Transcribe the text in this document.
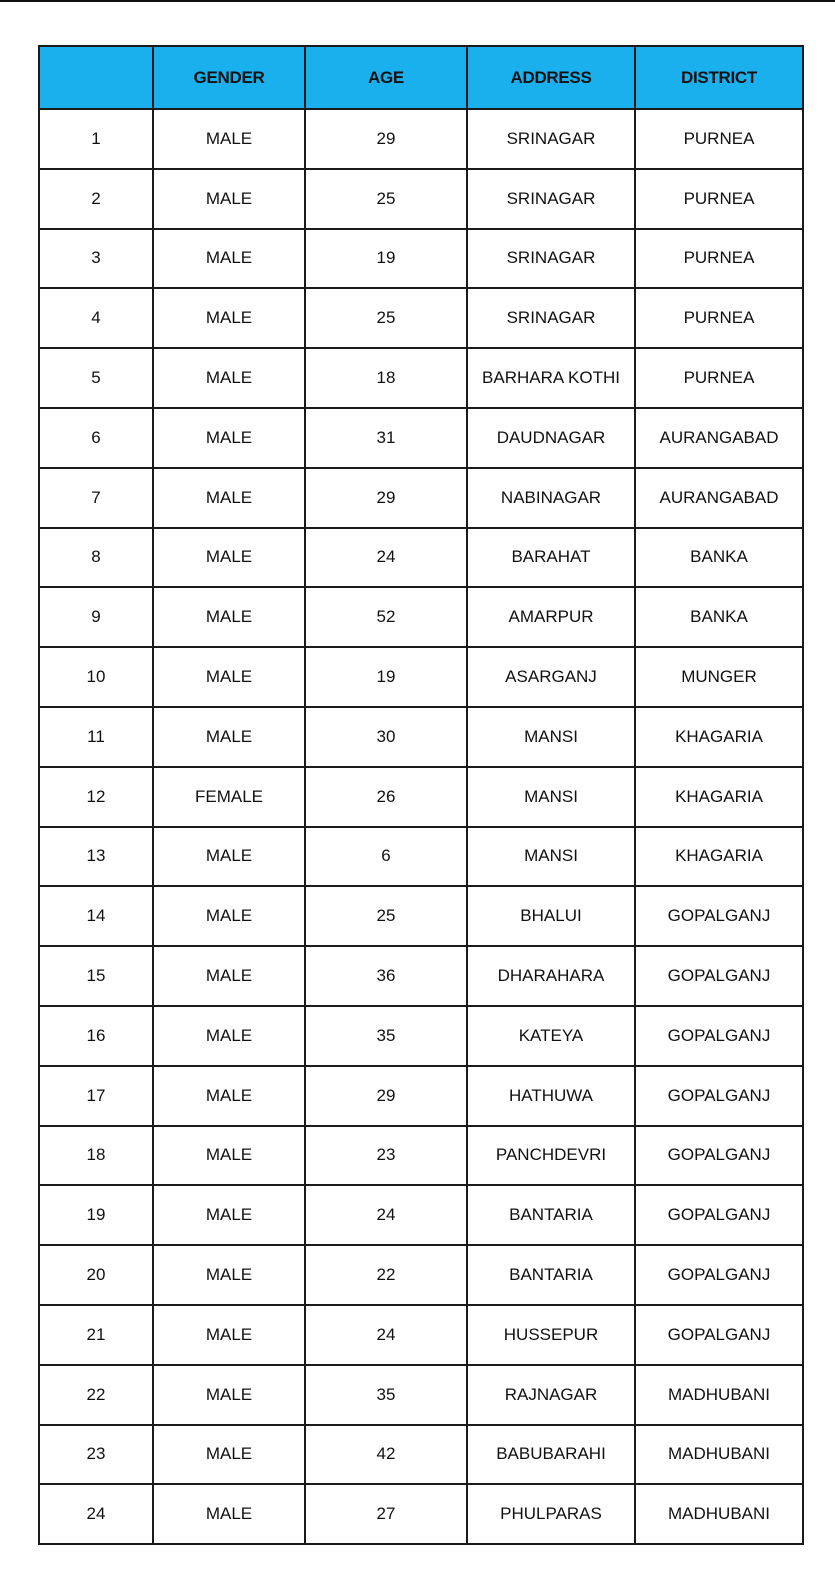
	GENDER	AGE	ADDRESS	DISTRICT
1	MALE	29	SRINAGAR	PURNEA
2	MALE	25	SRINAGAR	PURNEA
3	MALE	19	SRINAGAR	PURNEA
4	MALE	25	SRINAGAR	PURNEA
5	MALE	18	BARHARA KOTHI	PURNEA
6	MALE	31	DAUDNAGAR	AURANGABAD
7	MALE	29	NABINAGAR	AURANGABAD
8	MALE	24	BARAHAT	BANKA
9	MALE	52	AMARPUR	BANKA
10	MALE	19	ASARGANJ	MUNGER
11	MALE	30	MANSI	KHAGARIA
12	FEMALE	26	MANSI	KHAGARIA
13	MALE	6	MANSI	KHAGARIA
14	MALE	25	BHALUI	GOPALGANJ
15	MALE	36	DHARAHARA	GOPALGANJ
16	MALE	35	KATEYA	GOPALGANJ
17	MALE	29	HATHUWA	GOPALGANJ
18	MALE	23	PANCHDEVRI	GOPALGANJ
19	MALE	24	BANTARIA	GOPALGANJ
20	MALE	22	BANTARIA	GOPALGANJ
21	MALE	24	HUSSEPUR	GOPALGANJ
22	MALE	35	RAJNAGAR	MADHUBANI
23	MALE	42	BABUBARAHI	MADHUBANI
24	MALE	27	PHULPARAS	MADHUBANI
